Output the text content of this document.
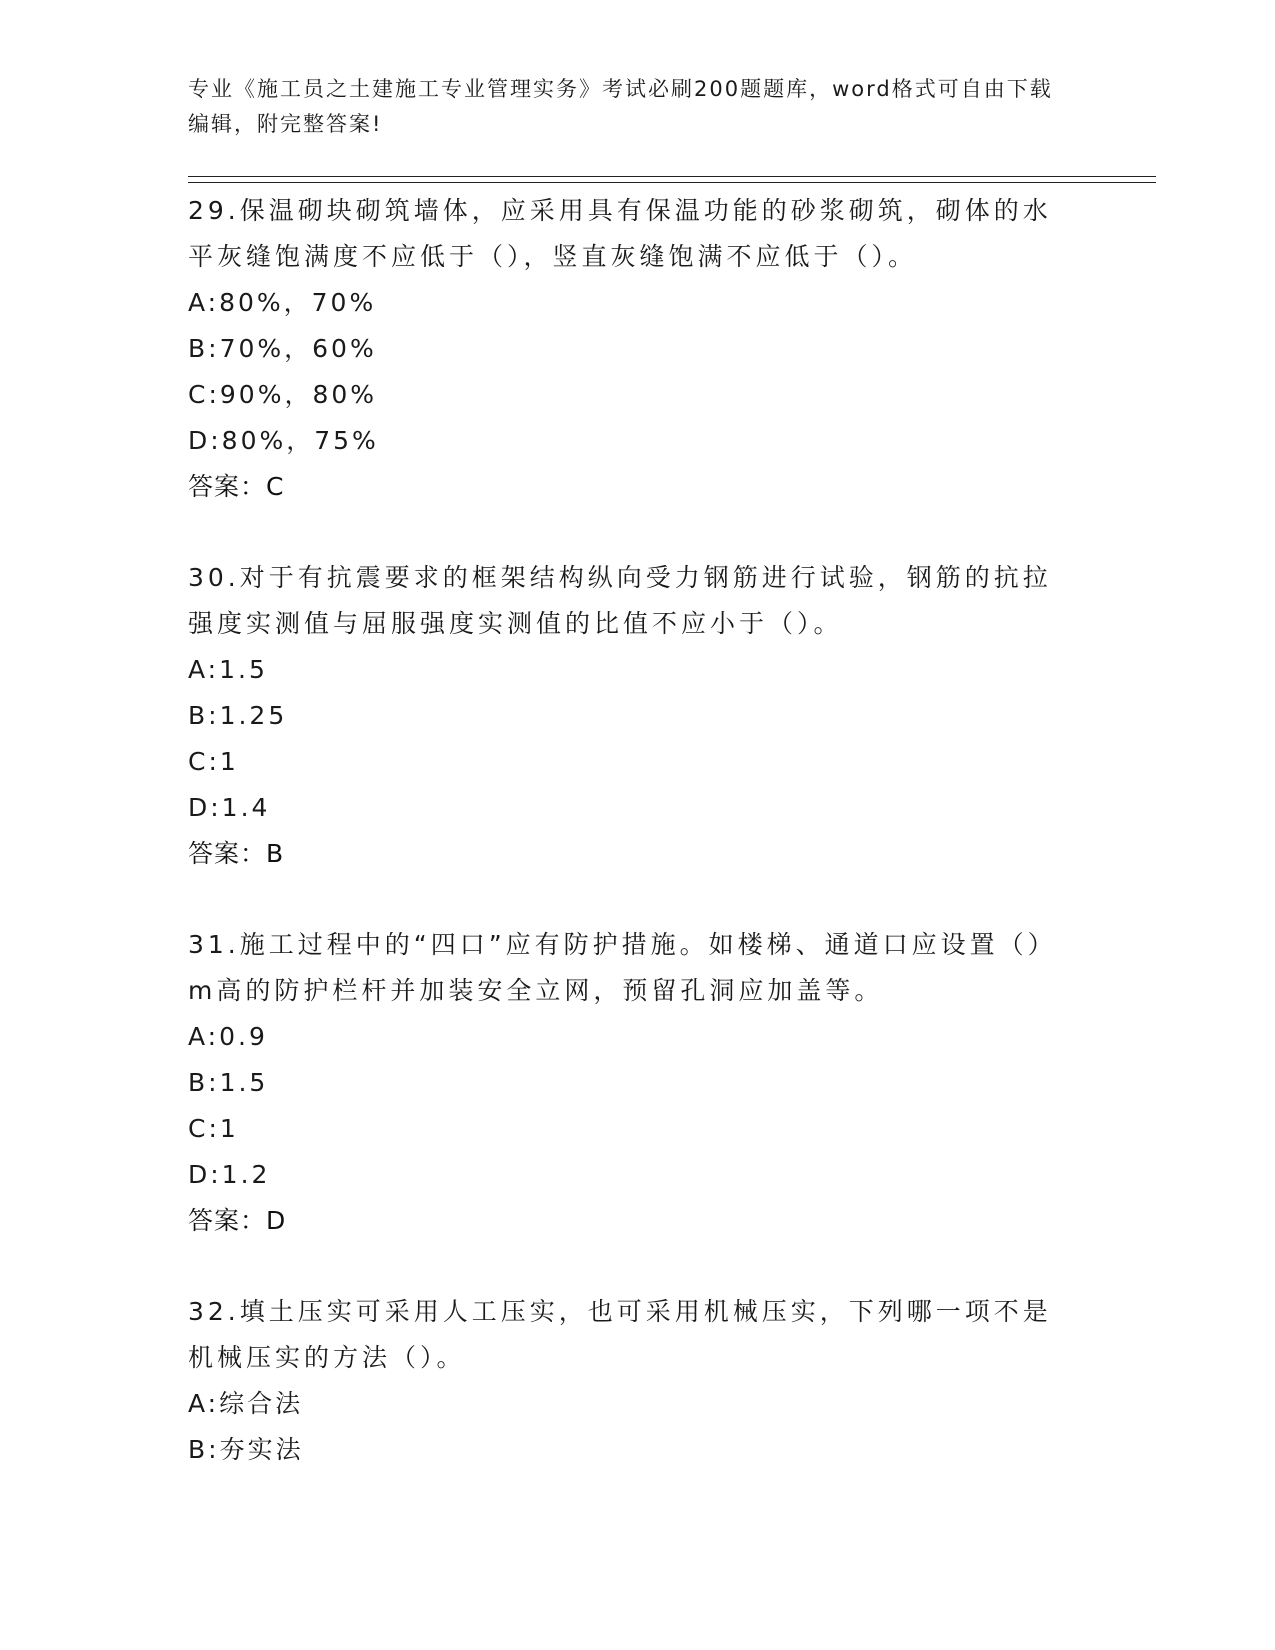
专业《施工员之土建施工专业管理实务》考试必刷200题题库，word格式可自由下载编辑，附完整答案!
29.保温砌块砌筑墙体，应采用具有保温功能的砂浆砌筑，砌体的水平灰缝饱满度不应低于（），竖直灰缝饱满不应低于（）。
A:80%，70%
B:70%，60%
C:90%，80%
D:80%，75%
答案：C
30.对于有抗震要求的框架结构纵向受力钢筋进行试验，钢筋的抗拉强度实测值与屈服强度实测值的比值不应小于（）。
A:1.5
B:1.25
C:1
D:1.4
答案：B
31.施工过程中的“四口”应有防护措施。如楼梯、通道口应设置（）m高的防护栏杆并加装安全立网，预留孔洞应加盖等。
A:0.9
B:1.5
C:1
D:1.2
答案：D
32.填土压实可采用人工压实，也可采用机械压实，下列哪一项不是机械压实的方法（）。
A:综合法
B:夯实法
